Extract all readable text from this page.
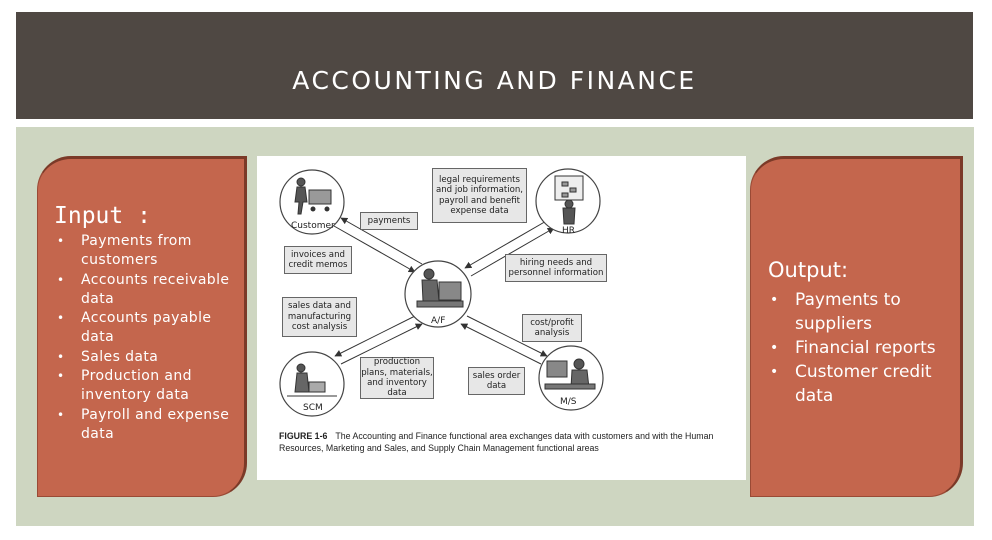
ACCOUNTING AND FINANCE
Input :
• Payments from customers
• Accounts receivable data
• Accounts payable data
• Sales data
• Production and inventory data
• Payroll and expense data
Customer	HR
A/F
SCM
M/S
payments
legal requirements and job information, payroll and benefit expense data
invoices and credit memos	hiring needs and personnel information
sales data and manufacturing cost analysis	cost/profit analysis
production plans, materials, and inventory data
sales order data
FIGURE 1-6 The Accounting and Finance functional area exchanges data with customers and with the Human Resources, Marketing and Sales, and Supply Chain Management functional areas
Output:
• Payments to suppliers
• Financial reports
• Customer credit data
